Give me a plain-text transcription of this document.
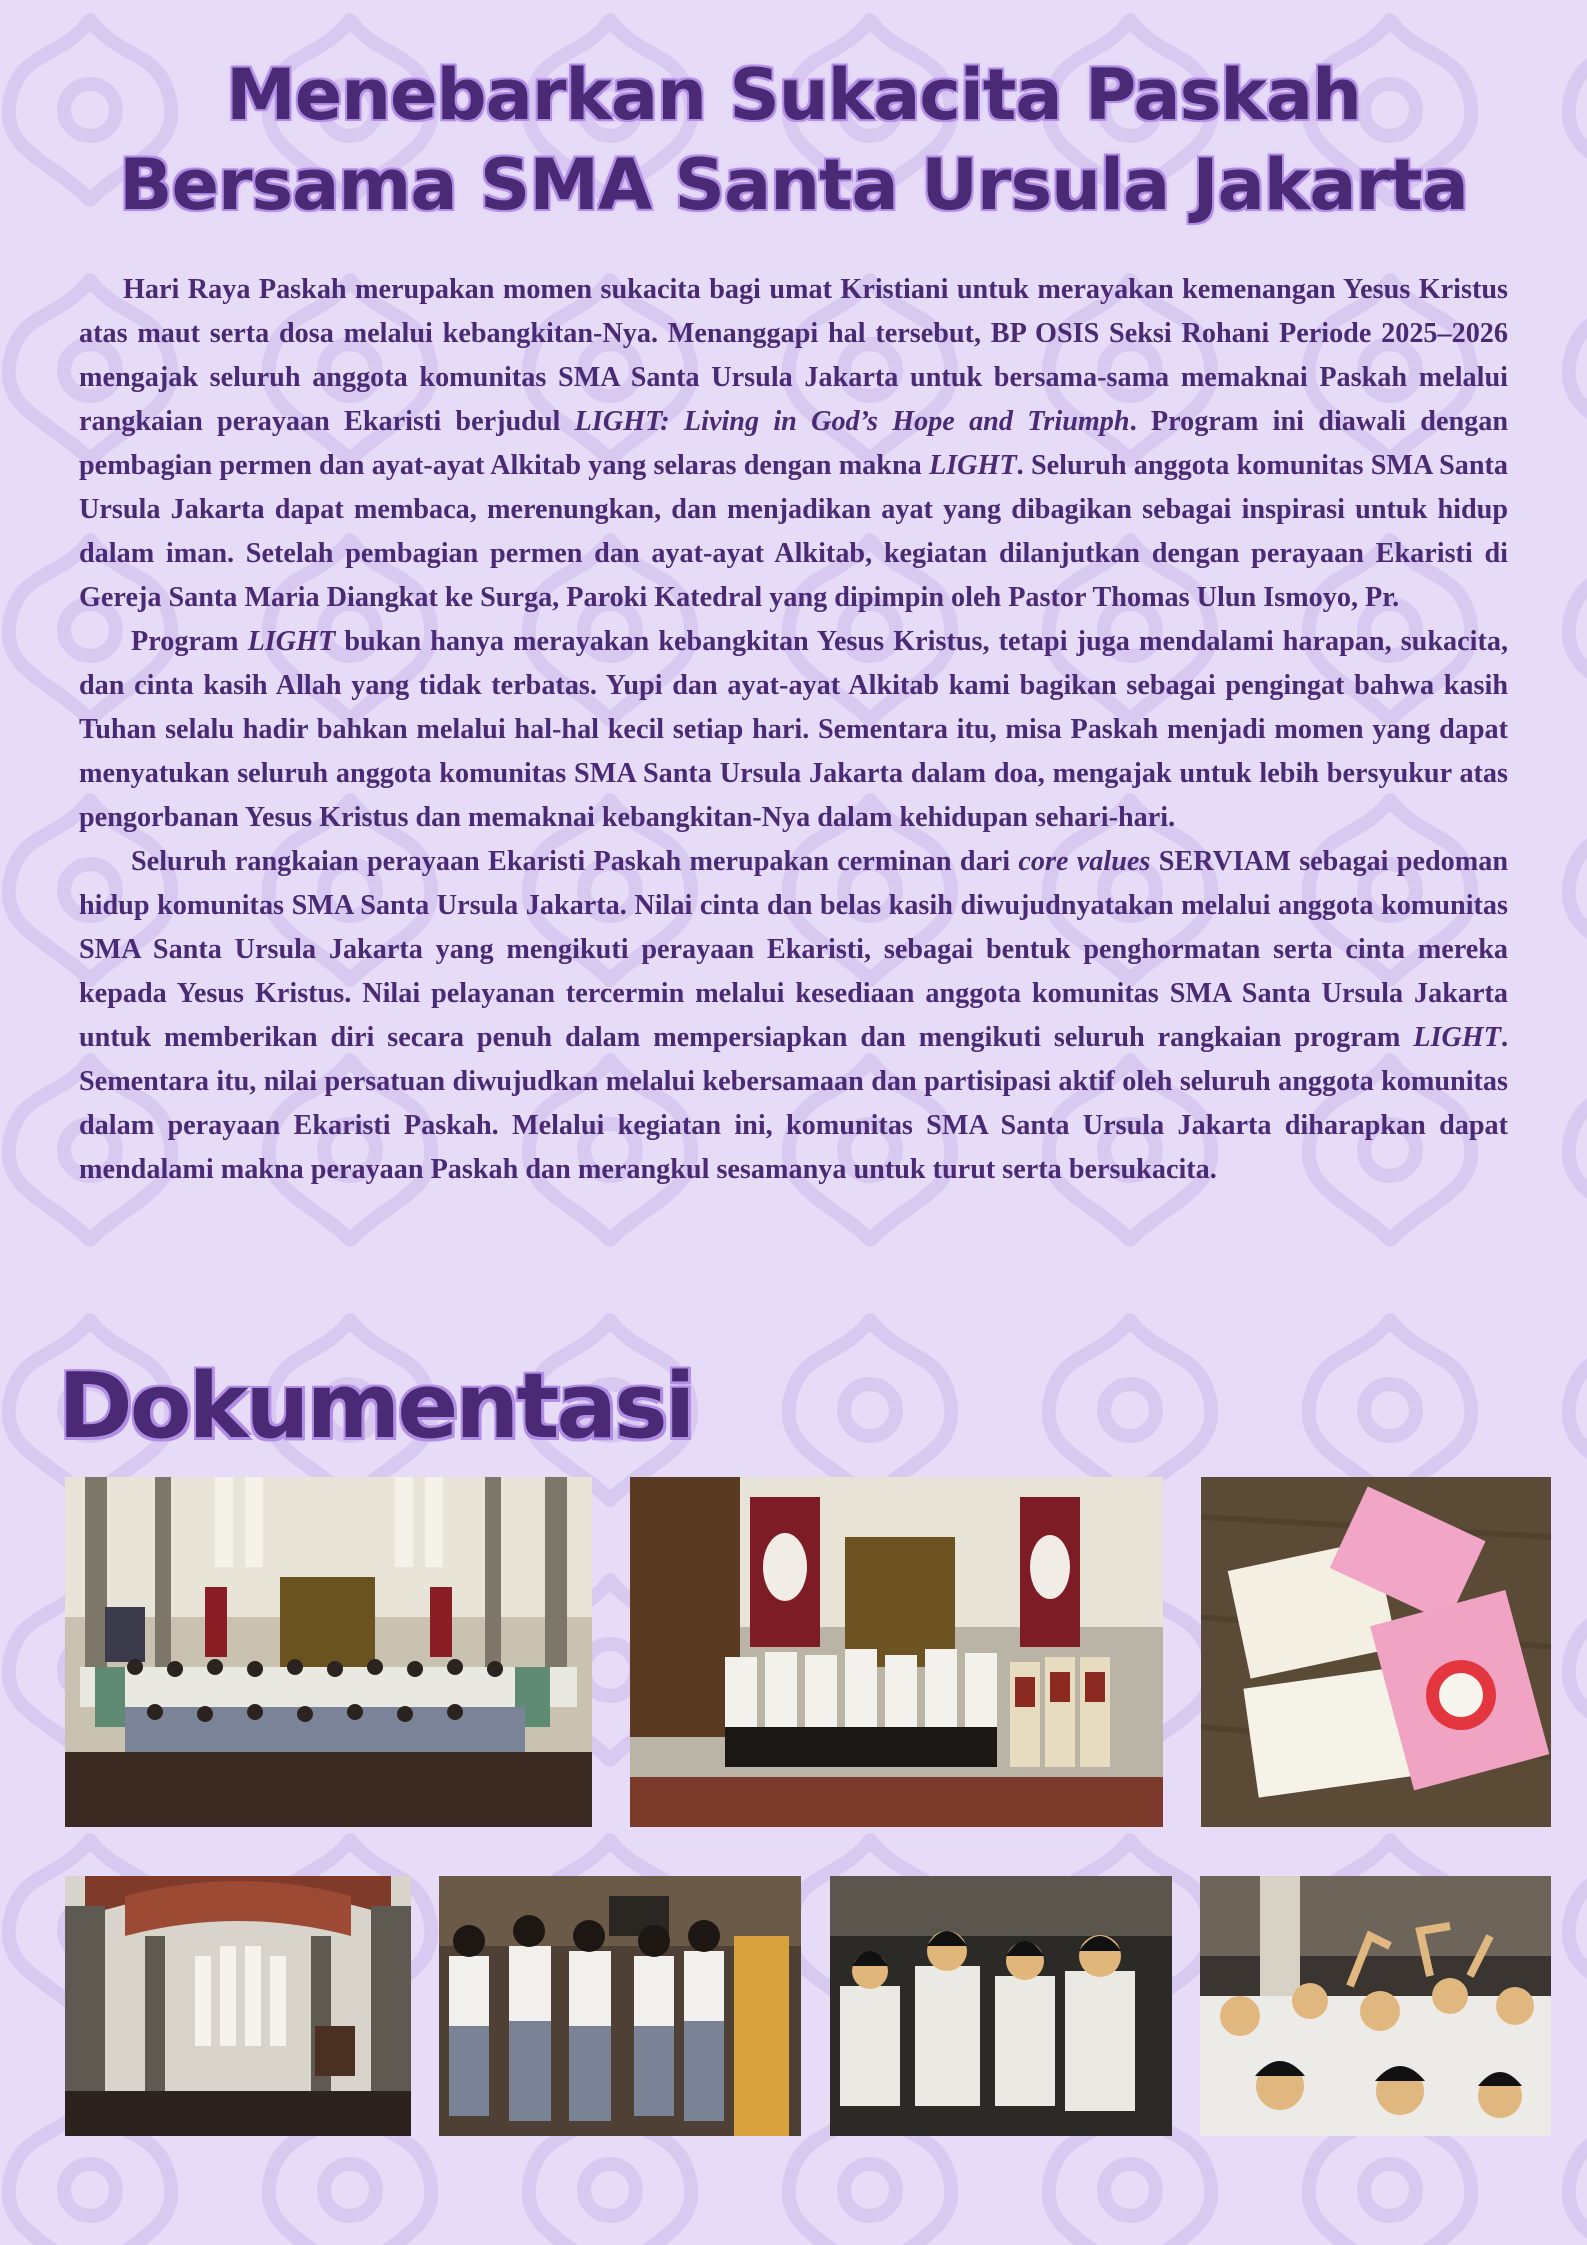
Menebarkan Sukacita Paskah
Bersama SMA Santa Ursula Jakarta

Hari Raya Paskah merupakan momen sukacita bagi umat Kristiani untuk merayakan kemenangan Yesus Kristus atas maut serta dosa melalui kebangkitan-Nya. Menanggapi hal tersebut, BP OSIS Seksi Rohani Periode 2025–2026 mengajak seluruh anggota komunitas SMA Santa Ursula Jakarta untuk bersama-sama memaknai Paskah melalui rangkaian perayaan Ekaristi berjudul LIGHT: Living in God’s Hope and Triumph. Program ini diawali dengan pembagian permen dan ayat-ayat Alkitab yang selaras dengan makna LIGHT. Seluruh anggota komunitas SMA Santa Ursula Jakarta dapat membaca, merenungkan, dan menjadikan ayat yang dibagikan sebagai inspirasi untuk hidup dalam iman. Setelah pembagian permen dan ayat-ayat Alkitab, kegiatan dilanjutkan dengan perayaan Ekaristi di Gereja Santa Maria Diangkat ke Surga, Paroki Katedral yang dipimpin oleh Pastor Thomas Ulun Ismoyo, Pr.

Program LIGHT bukan hanya merayakan kebangkitan Yesus Kristus, tetapi juga mendalami harapan, sukacita, dan cinta kasih Allah yang tidak terbatas. Yupi dan ayat-ayat Alkitab kami bagikan sebagai pengingat bahwa kasih Tuhan selalu hadir bahkan melalui hal-hal kecil setiap hari. Sementara itu, misa Paskah menjadi momen yang dapat menyatukan seluruh anggota komunitas SMA Santa Ursula Jakarta dalam doa, mengajak untuk lebih bersyukur atas pengorbanan Yesus Kristus dan memaknai kebangkitan-Nya dalam kehidupan sehari-hari.

Seluruh rangkaian perayaan Ekaristi Paskah merupakan cerminan dari core values SERVIAM sebagai pedoman hidup komunitas SMA Santa Ursula Jakarta. Nilai cinta dan belas kasih diwujudnyatakan melalui anggota komunitas SMA Santa Ursula Jakarta yang mengikuti perayaan Ekaristi, sebagai bentuk penghormatan serta cinta mereka kepada Yesus Kristus. Nilai pelayanan tercermin melalui kesediaan anggota komunitas SMA Santa Ursula Jakarta untuk memberikan diri secara penuh dalam mempersiapkan dan mengikuti seluruh rangkaian program LIGHT. Sementara itu, nilai persatuan diwujudkan melalui kebersamaan dan partisipasi aktif oleh seluruh anggota komunitas dalam perayaan Ekaristi Paskah. Melalui kegiatan ini, komunitas SMA Santa Ursula Jakarta diharapkan dapat mendalami makna perayaan Paskah dan merangkul sesamanya untuk turut serta bersukacita.

Dokumentasi
